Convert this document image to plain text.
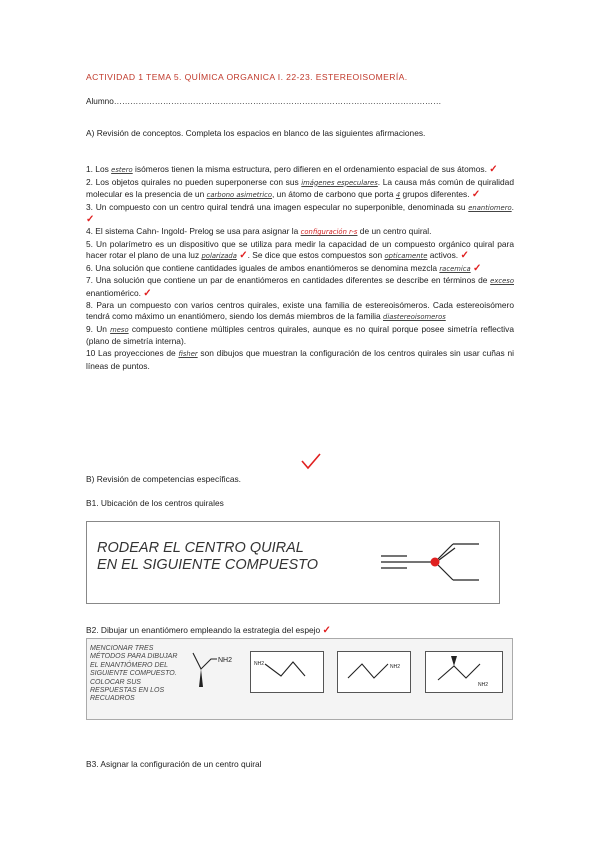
ACTIVIDAD 1 TEMA 5. QUÍMICA ORGANICA I. 22-23. ESTEREOISOMERÍA.
Alumno…………………………………………………………………………………………………………
A) Revisión de conceptos. Completa los espacios en blanco de las siguientes afirmaciones.

1. Los estero isómeros tienen la misma estructura, pero difieren en el ordenamiento espacial de sus átomos. ✓

2. Los objetos quirales no pueden superponerse con sus imágenes especulares. La causa más común de quiralidad molecular es la presencia de un carbono asimetrico, un átomo de carbono que porta 4 grupos diferentes. ✓

3. Un compuesto con un centro quiral tendrá una imagen especular no superponible, denominada su enantiomero. ✓

4. El sistema Cahn- Ingold- Prelog se usa para asignar la configuración r-s de un centro quiral.

5. Un polarímetro es un dispositivo que se utiliza para medir la capacidad de un compuesto orgánico quiral para hacer rotar el plano de una luz polarizada ✓. Se dice que estos compuestos son opticamente activos. ✓

6. Una solución que contiene cantidades iguales de ambos enantiómeros se denomina mezcla racemica ✓

7. Una solución que contiene un par de enantiómeros en cantidades diferentes se describe en términos de exceso enantiomérico. ✓

8. Para un compuesto con varios centros quirales, existe una familia de estereoisómeros. Cada estereoisómero tendrá como máximo un enantiómero, siendo los demás miembros de la familia diastereoisomeros

9. Un meso compuesto contiene múltiples centros quirales, aunque es no quiral porque posee simetría reflectiva (plano de simetría interna).

10 Las proyecciones de fisher son dibujos que muestran la configuración de los centros quirales sin usar cuñas ni líneas de puntos.

B) Revisión de competencias específicas.
B1. Ubicación de los centros quirales
RODEAR EL CENTRO QUIRAL EN EL SIGUIENTE COMPUESTO
B2. Dibujar un enantiómero empleando la estrategia del espejo ✓
MENCIONAR TRES MÉTODOS PARA DIBUJAR EL ENANTIÓMERO DEL SIGUIENTE COMPUESTO. COLOCAR SUS RESPUESTAS EN LOS RECUADROS
NH2	NH2	NH2
NH2
B3. Asignar la configuración de un centro quiral
